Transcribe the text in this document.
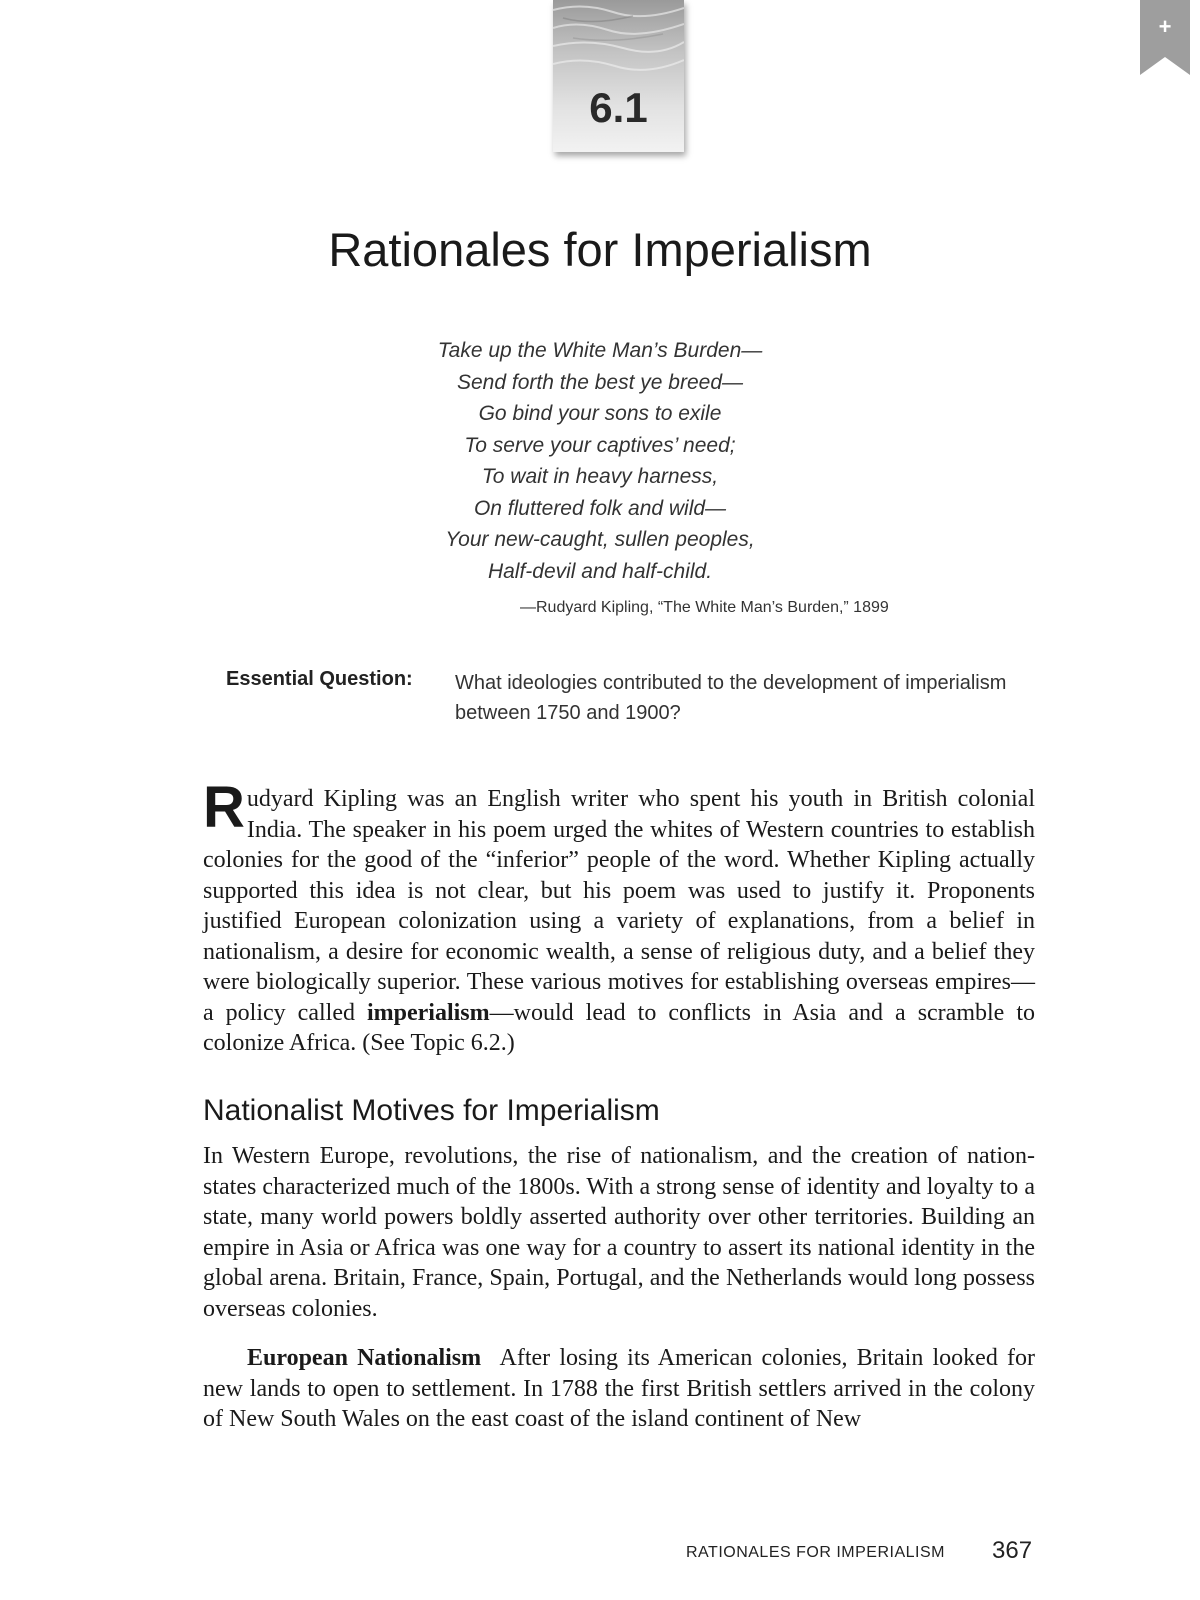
6.1
+
Rationales for Imperialism
Take up the White Man’s Burden—
Send forth the best ye breed—
Go bind your sons to exile
To serve your captives’ need;
To wait in heavy harness,
On fluttered folk and wild—
Your new-caught, sullen peoples,
Half-devil and half-child.
—Rudyard Kipling, “The White Man’s Burden,” 1899
Essential Question: What ideologies contributed to the development of imperialism between 1750 and 1900?

Rudyard Kipling was an English writer who spent his youth in British colonial India. The speaker in his poem urged the whites of Western countries to establish colonies for the good of the “inferior” people of the word. Whether Kipling actually supported this idea is not clear, but his poem was used to justify it. Proponents justified European colonization using a variety of explanations, from a belief in nationalism, a desire for economic wealth, a sense of religious duty, and a belief they were biologically superior. These various motives for establishing overseas empires—a policy called imperialism—would lead to conflicts in Asia and a scramble to colonize Africa. (See Topic 6.2.)

Nationalist Motives for Imperialism

In Western Europe, revolutions, the rise of nationalism, and the creation of nation-states characterized much of the 1800s. With a strong sense of identity and loyalty to a state, many world powers boldly asserted authority over other territories. Building an empire in Asia or Africa was one way for a country to assert its national identity in the global arena. Britain, France, Spain, Portugal, and the Netherlands would long possess overseas colonies.

European Nationalism After losing its American colonies, Britain looked for new lands to open to settlement. In 1788 the first British settlers arrived in the colony of New South Wales on the east coast of the island continent of New

RATIONALES FOR IMPERIALISM 367
